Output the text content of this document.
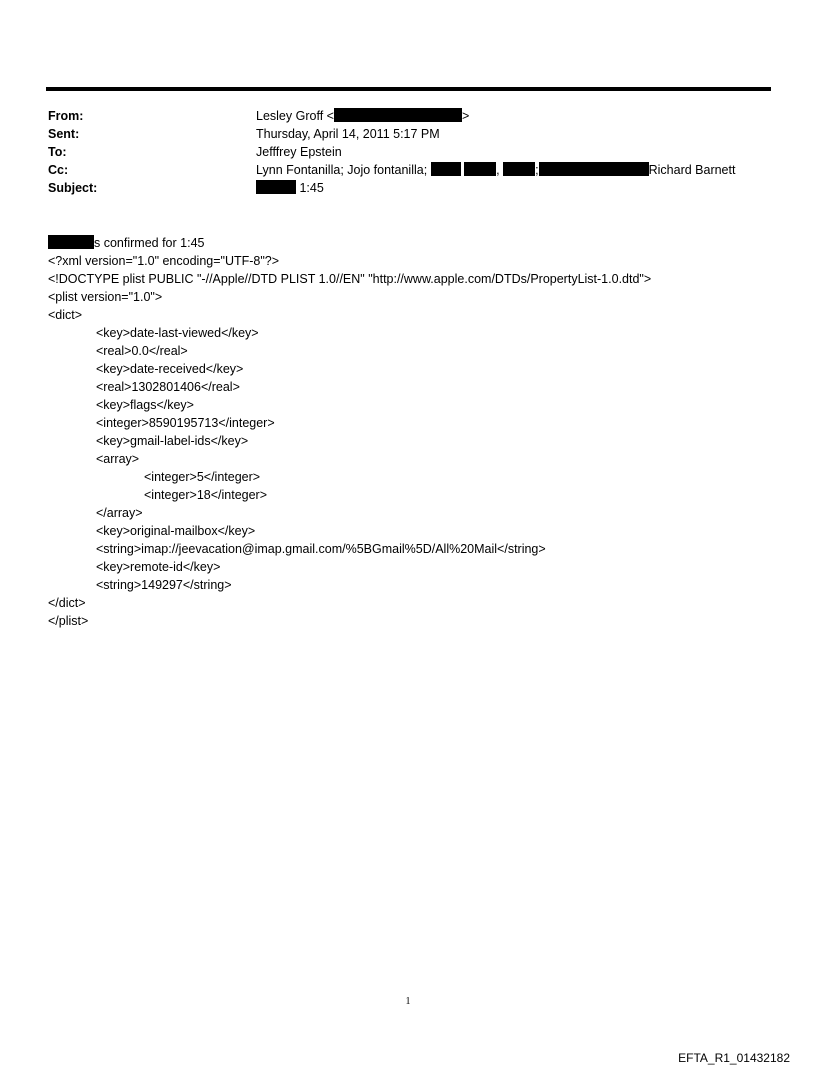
From:	Lesley Groff <	>
Sent:	Thursday, April 14, 2011 5:17 PM
To:	Jefffrey Epstein
Cc:	Lynn Fontanilla; Jojo fontanilla;	,	;	Richard Barnett
Subject:	1:45
s confirmed for 1:45
<?xml version="1.0" encoding="UTF-8"?>
<!DOCTYPE plist PUBLIC "-//Apple//DTD PLIST 1.0//EN" "http://www.apple.com/DTDs/PropertyList-1.0.dtd">
<plist version="1.0">
<dict>
<key>date-last-viewed</key>
<real>0.0</real>
<key>date-received</key>
<real>1302801406</real>
<key>flags</key>
<integer>8590195713</integer>
<key>gmail-label-ids</key>
<array>
<integer>5</integer>
<integer>18</integer>
</array>
<key>original-mailbox</key>
<string>imap://jeevacation@imap.gmail.com/%5BGmail%5D/All%20Mail</string>
<key>remote-id</key>
<string>149297</string>
</dict>
</plist>
1
EFTA_R1_01432182
